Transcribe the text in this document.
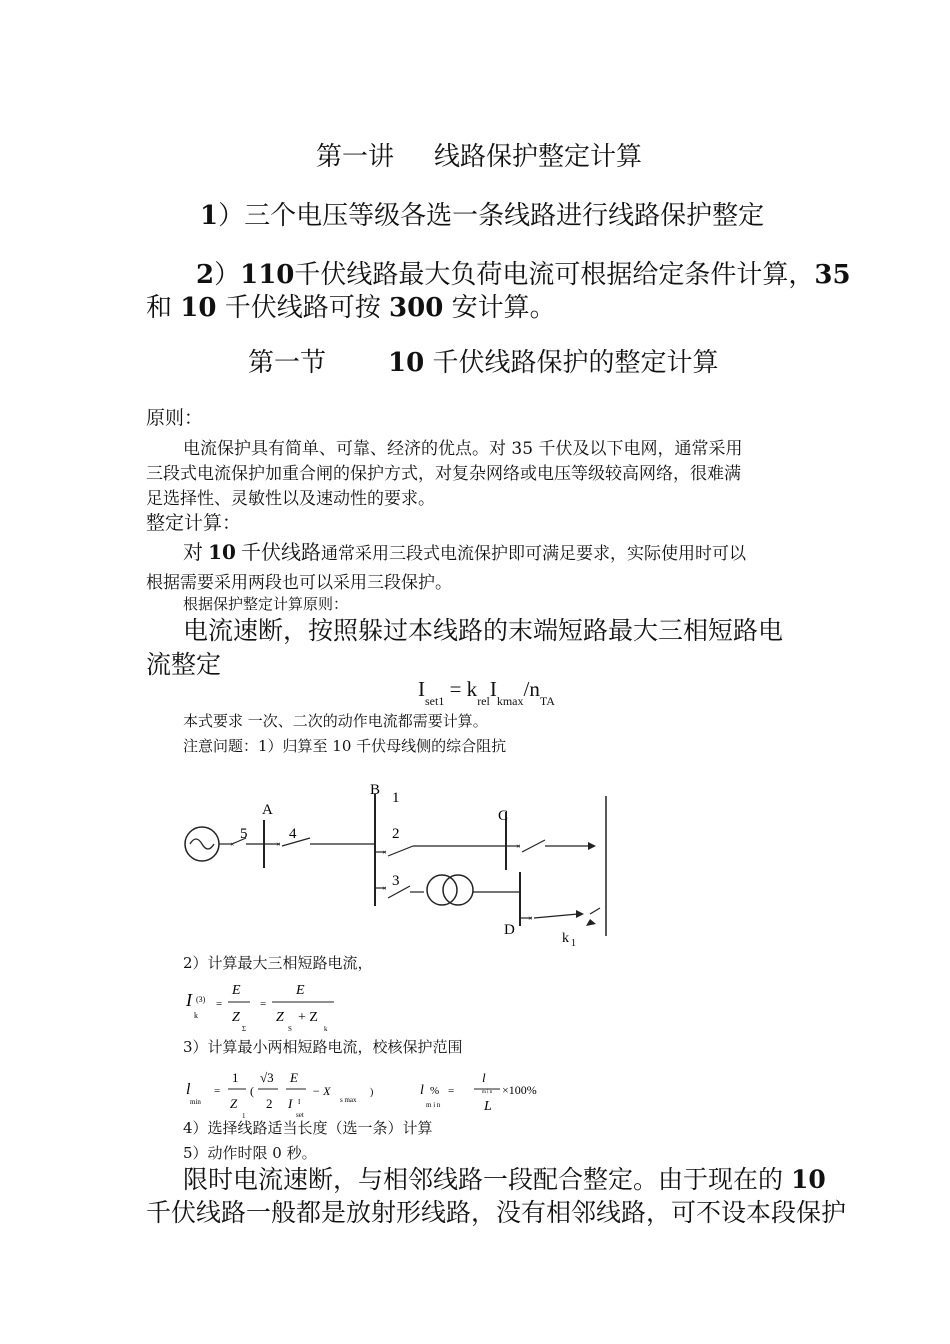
第一讲 线路保护整定计算
1）三个电压等级各选一条线路进行线路保护整定
2）110千伏线路最大负荷电流可根据给定条件计算，35
和 10 千伏线路可按 300 安计算。
第一节 10 千伏线路保护的整定计算
原则：
电流保护具有简单、可靠、经济的优点。对 35 千伏及以下电网，通常采用
三段式电流保护加重合闸的保护方式，对复杂网络或电压等级较高网络，很难满
足选择性、灵敏性以及速动性的要求。
整定计算：
对 10 千伏线路通常采用三段式电流保护即可满足要求，实际使用时可以
根据需要采用两段也可以采用三段保护。
根据保护整定计算原则：
电流速断，按照躲过本线路的末端短路最大三相短路电
流整定
$I_{set1} = k_{rel}I_{kmax}/n_{TA}$
本式要求 一次、二次的动作电流都需要计算。
注意问题：1）归算至 10 千伏母线侧的综合阻抗
×
A
5	4
×
B 1
2
×
C
×
3
×
D
×
k 1
2）计算最大三相短路电流，
I (3)
k
=
E
Z
Σ
=
E
Z
S
+ Z
k
3）计算最小两相短路电流，校核保护范围
l
min
=
1
Z
1
(
√3
2
E
I I
set
− X
s max
)	l %
m i n
=
l
m i n
L
×100%
4）选择线路适当长度（选一条）计算
5）动作时限 0 秒。
限时电流速断，与相邻线路一段配合整定。由于现在的 10
千伏线路一般都是放射形线路，没有相邻线路，可不设本段保护
